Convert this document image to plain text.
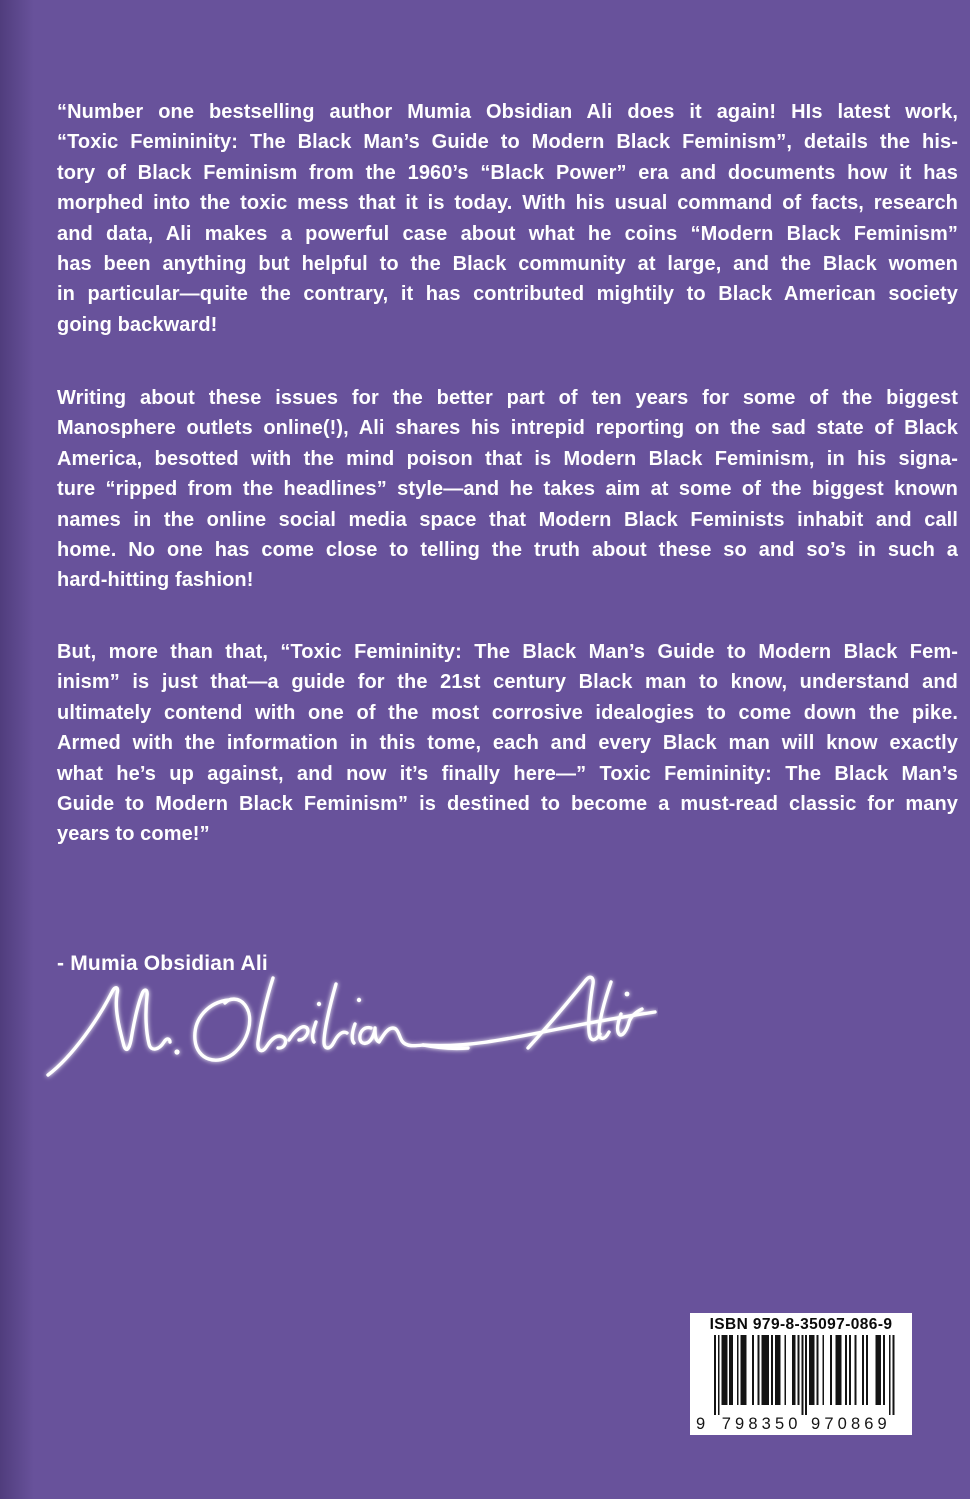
“Number one bestselling author Mumia Obsidian Ali does it again! HIs latest work,
“Toxic Femininity: The Black Man’s Guide to Modern Black Feminism”, details the his-
tory of Black Feminism from the 1960’s “Black Power” era and documents how it has
morphed into the toxic mess that it is today. With his usual command of facts, research
and data, Ali makes a powerful case about what he coins “Modern Black Feminism”
has been anything but helpful to the Black community at large, and the Black women
in particular—quite the contrary, it has contributed mightily to Black American society
going backward!
Writing about these issues for the better part of ten years for some of the biggest
Manosphere outlets online(!), Ali shares his intrepid reporting on the sad state of Black
America, besotted with the mind poison that is Modern Black Feminism, in his signa-
ture “ripped from the headlines” style—and he takes aim at some of the biggest known
names in the online social media space that Modern Black Feminists inhabit and call
home. No one has come close to telling the truth about these so and so’s in such a
hard-hitting fashion!
But, more than that, “Toxic Femininity: The Black Man’s Guide to Modern Black Fem-
inism” is just that—a guide for the 21st century Black man to know, understand and
ultimately contend with one of the most corrosive idealogies to come down the pike.
Armed with the information in this tome, each and every Black man will know exactly
what he’s up against, and now it’s finally here—” Toxic Femininity: The Black Man’s
Guide to Modern Black Feminism” is destined to become a must-read classic for many
years to come!”
- Mumia Obsidian Ali
ISBN 979-8-35097-086-9
9 7	9
9	7
8	0
3	8
5	6
0	9
